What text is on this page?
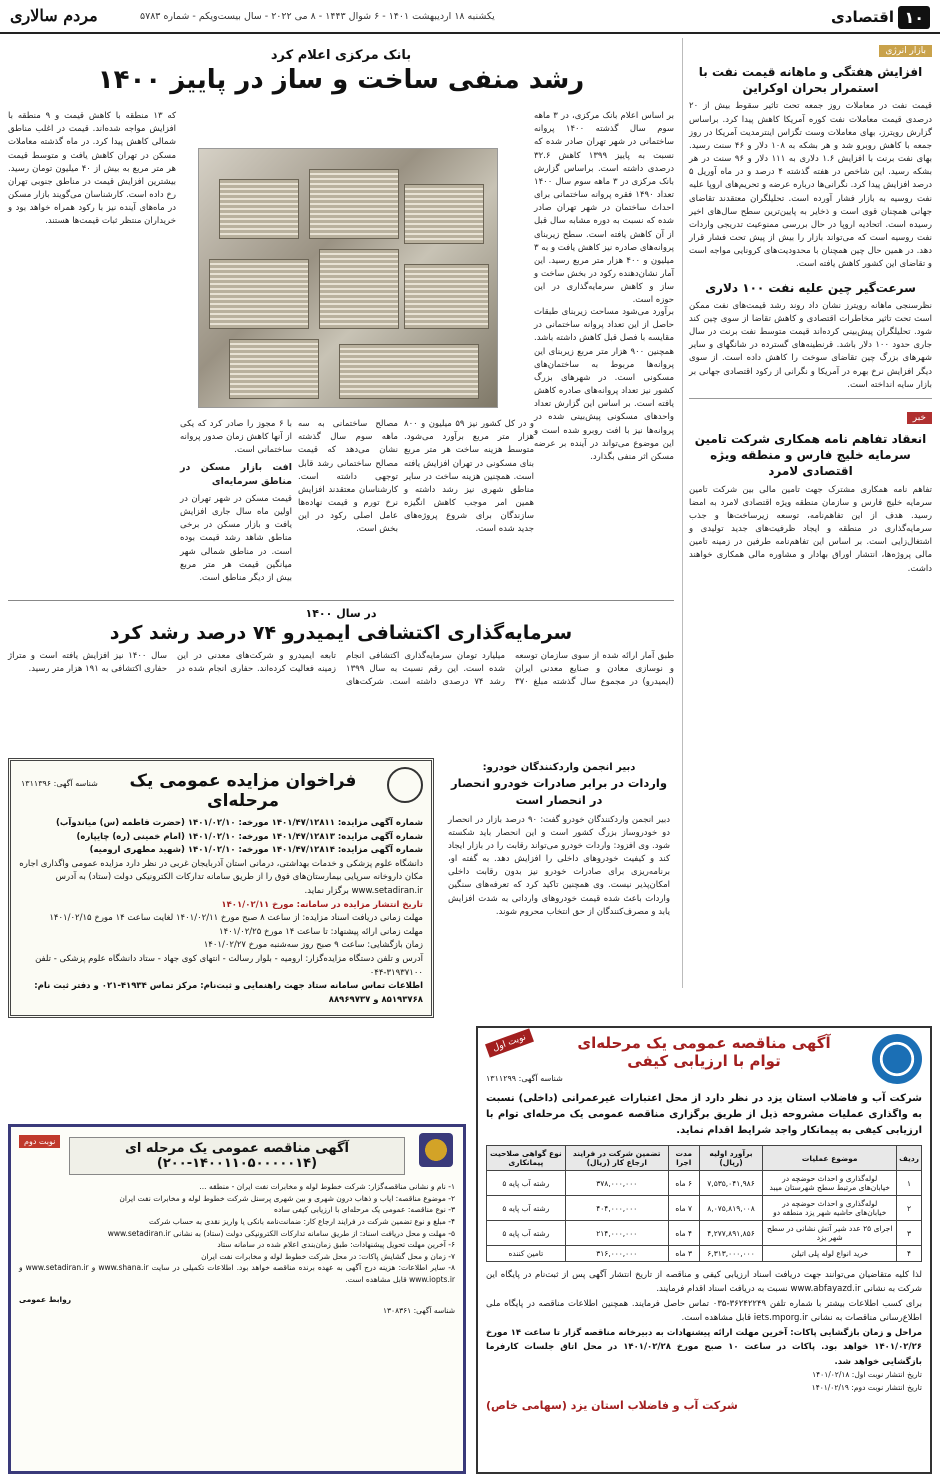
۱۰
اقتصادی
یکشنبه ۱۸ اردیبهشت ۱۴۰۱ - ۶ شوال ۱۴۴۳ - ۸ می ۲۰۲۲ - سال بیست‌ویکم - شماره ۵۷۸۳
مردم سالاری
بازار انرژی
افزایش هفتگی و ماهانه قیمت نفت با استمرار بحران اوکراین
قیمت نفت در معاملات روز جمعه تحت تاثیر سقوط بیش از ۲۰ درصدی قیمت معاملات نفت کوره آمریکا کاهش پیدا کرد. براساس گزارش رویترز، بهای معاملات وست تگزاس اینترمدیت آمریکا در روز جمعه با کاهش روبرو شد و هر بشکه به ۱۰۸ دلار و ۴۶ سنت رسید. بهای نفت برنت با افزایش ۱.۶ دلاری به ۱۱۱ دلار و ۹۶ سنت در هر بشکه رسید. این شاخص در هفته گذشته ۴ درصد و در ماه آوریل ۵ درصد افزایش پیدا کرد. نگرانی‌ها درباره عرضه و تحریم‌های اروپا علیه نفت روسیه به بازار فشار آورده است. تحلیلگران معتقدند تقاضای جهانی همچنان قوی است و ذخایر به پایین‌ترین سطح سال‌های اخیر رسیده است. اتحادیه اروپا در حال بررسی ممنوعیت تدریجی واردات نفت روسیه است که می‌تواند بازار را بیش از پیش تحت فشار قرار دهد. در همین حال چین همچنان با محدودیت‌های کرونایی مواجه است و تقاضای این کشور کاهش یافته است.
سرعت‌گیر چین علیه نفت ۱۰۰ دلاری
نظرسنجی ماهانه رویترز نشان داد روند رشد قیمت‌های نفت ممکن است تحت تاثیر مخاطرات اقتصادی و کاهش تقاضا از سوی چین کند شود. تحلیلگران پیش‌بینی کرده‌اند قیمت متوسط نفت برنت در سال جاری حدود ۱۰۰ دلار باشد. قرنطینه‌های گسترده در شانگهای و سایر شهرهای بزرگ چین تقاضای سوخت را کاهش داده است. از سوی دیگر افزایش نرخ بهره در آمریکا و نگرانی از رکود اقتصادی جهانی بر بازار سایه انداخته است.
خبر
انعقاد تفاهم نامه همکاری شرکت تامین سرمایه خلیج فارس و منطقه ویژه اقتصادی لامرد
تفاهم نامه همکاری مشترک جهت تامین مالی بین شرکت تامین سرمایه خلیج فارس و سازمان منطقه ویژه اقتصادی لامرد به امضا رسید. هدف از این تفاهم‌نامه، توسعه زیرساخت‌ها و جذب سرمایه‌گذاری در منطقه و ایجاد ظرفیت‌های جدید تولیدی و اشتغال‌زایی است. بر اساس این تفاهم‌نامه طرفین در زمینه تامین مالی پروژه‌ها، انتشار اوراق بهادار و مشاوره مالی همکاری خواهند داشت.
بانک مرکزی اعلام کرد
رشد منفی ساخت و ساز در پاییز ۱۴۰۰
بر اساس اعلام بانک مرکزی، در ۳ ماهه سوم سال گذشته ۱۴۰۰ پروانه ساختمانی در شهر تهران صادر شده که نسبت به پاییز ۱۳۹۹ کاهش ۳۲.۶ درصدی داشته است. براساس گزارش بانک مرکزی در ۳ ماهه سوم سال ۱۴۰۰ تعداد ۱۴۹۰ فقره پروانه ساختمانی برای احداث ساختمان در شهر تهران صادر شده که نسبت به دوره مشابه سال قبل از آن کاهش یافته است. سطح زیربنای پروانه‌های صادره نیز کاهش یافت و به ۳ میلیون و ۴۰۰ هزار متر مربع رسید. این آمار نشان‌دهنده رکود در بخش ساخت و ساز و کاهش سرمایه‌گذاری در این حوزه است.
برآورد می‌شود مساحت زیربنای طبقات حاصل از این تعداد پروانه ساختمانی در مقایسه با فصل قبل کاهش داشته باشد. همچنین ۹۰۰ هزار متر مربع زیربنای این پروانه‌ها مربوط به ساختمان‌های مسکونی است. در شهرهای بزرگ کشور نیز تعداد پروانه‌های صادره کاهش یافته است. بر اساس این گزارش تعداد واحدهای مسکونی پیش‌بینی شده در پروانه‌ها نیز با افت روبرو شده است و این موضوع می‌تواند در آینده بر عرضه مسکن اثر منفی بگذارد.
و در کل کشور نیز ۵۹ میلیون و ۸۰۰ هزار متر مربع برآورد می‌شود. متوسط هزینه ساخت هر متر مربع بنای مسکونی در تهران افزایش یافته است. همچنین هزینه ساخت در سایر مناطق شهری نیز رشد داشته و همین امر موجب کاهش انگیزه سازندگان برای شروع پروژه‌های جدید شده است.
مصالح ساختمانی به سه ماهه سوم سال گذشته نشان می‌دهد که قیمت مصالح ساختمانی رشد قابل توجهی داشته است. کارشناسان معتقدند افزایش نرخ تورم و قیمت نهاده‌ها عامل اصلی رکود در این بخش است.
با ۶ مجوز را صادر کرد که یکی از آنها کاهش زمان صدور پروانه ساختمانی است.
افت بازار مسکن در مناطق سرمایه‌ای
قیمت مسکن در شهر تهران در اولین ماه سال جاری افزایش یافت و بازار مسکن در برخی مناطق شاهد رشد قیمت بوده است. در مناطق شمالی شهر میانگین قیمت هر متر مربع بیش از دیگر مناطق است.
که ۱۳ منطقه با کاهش قیمت و ۹ منطقه با افزایش مواجه شده‌اند. قیمت در اغلب مناطق شمالی کاهش پیدا کرد. در ماه گذشته معاملات مسکن در تهران کاهش یافت و متوسط قیمت هر متر مربع به بیش از ۴۰ میلیون تومان رسید. بیشترین افزایش قیمت در مناطق جنوبی تهران رخ داده است. کارشناسان می‌گویند بازار مسکن در ماه‌های آینده نیز با رکود همراه خواهد بود و خریداران منتظر ثبات قیمت‌ها هستند.
در سال ۱۴۰۰
سرمایه‌گذاری اکتشافی ایمیدرو ۷۴ درصد رشد کرد
طبق آمار ارائه شده از سوی سازمان توسعه و نوسازی معادن و صنایع معدنی ایران (ایمیدرو) در مجموع سال گذشته مبلغ ۳۷۰ میلیارد تومان سرمایه‌گذاری اکتشافی انجام شده است. این رقم نسبت به سال ۱۳۹۹ رشد ۷۴ درصدی داشته است. شرکت‌های تابعه ایمیدرو و شرکت‌های معدنی در این زمینه فعالیت کرده‌اند. حفاری انجام شده در سال ۱۴۰۰ نیز افزایش یافته است و متراژ حفاری اکتشافی به ۱۹۱ هزار متر رسید.
شناسه آگهی: ۱۳۱۱۳۹۶	فراخوان مزایده عمومی یک مرحله‌ای
شماره آگهی مزایده: ۱۴۰۱/۴۷/۱۲۸۱۱ مورخه: ۱۴۰۱/۰۲/۱۰ (حضرت فاطمه (س) میاندوآب)
شماره آگهی مزایده: ۱۴۰۱/۴۷/۱۲۸۱۳ مورخه: ۱۴۰۱/۰۲/۱۰ (امام خمینی (ره) چایپاره)
شماره آگهی مزایده: ۱۴۰۱/۴۷/۱۲۸۱۴ مورخه: ۱۴۰۱/۰۲/۱۰ (شهید مطهری ارومیه)
دانشگاه علوم پزشکی و خدمات بهداشتی، درمانی استان آذربایجان غربی در نظر دارد مزایده عمومی واگذاری اجاره مکان داروخانه سرپایی بیمارستان‌های فوق را از طریق سامانه تدارکات الکترونیکی دولت (ستاد) به آدرس www.setadiran.ir برگزار نماید.
تاریخ انتشار مزایده در سامانه: مورخ ۱۴۰۱/۰۲/۱۱
مهلت زمانی دریافت اسناد مزایده: از ساعت ۸ صبح مورخ ۱۴۰۱/۰۲/۱۱ لغایت ساعت ۱۴ مورخ ۱۴۰۱/۰۲/۱۵
مهلت زمانی ارائه پیشنهاد: تا ساعت ۱۴ مورخ ۱۴۰۱/۰۲/۲۵
زمان بازگشایی: ساعت ۹ صبح روز سه‌شنبه مورخ ۱۴۰۱/۰۲/۲۷
آدرس و تلفن دستگاه مزایده‌گزار: ارومیه - بلوار رسالت - انتهای کوی جهاد - ستاد دانشگاه علوم پزشکی - تلفن ۳۱۹۳۷۱۰۰-۰۴۴
اطلاعات تماس سامانه ستاد جهت راهنمایی و ثبت‌نام: مرکز تماس ۴۱۹۳۴-۰۲۱ و دفتر ثبت نام: ۸۵۱۹۳۷۶۸ و ۸۸۹۶۹۷۳۷
دبیر انجمن واردکنندگان خودرو:
واردات در برابر صادرات خودرو انحصار در انحصار است
دبیر انجمن واردکنندگان خودرو گفت: ۹۰ درصد بازار در انحصار دو خودروساز بزرگ کشور است و این انحصار باید شکسته شود. وی افزود: واردات خودرو می‌تواند رقابت را در بازار ایجاد کند و کیفیت خودروهای داخلی را افزایش دهد. به گفته او، برنامه‌ریزی برای صادرات خودرو نیز بدون رقابت داخلی امکان‌پذیر نیست. وی همچنین تاکید کرد که تعرفه‌های سنگین واردات باعث شده قیمت خودروهای وارداتی به شدت افزایش یابد و مصرف‌کنندگان از حق انتخاب محروم شوند.
نوبت اول	آگهی مناقصه عمومی یک مرحله‌ای
توام با ارزیابی کیفی
شناسه آگهی: ۱۳۱۱۲۹۹
شرکت آب و فاضلاب استان یزد در نظر دارد از محل اعتبارات غیرعمرانی (داخلی) نسبت به واگذاری عملیات مشروحه ذیل از طریق برگزاری مناقصه عمومی یک مرحله‌ای توام با ارزیابی کیفی به پیمانکار واجد شرایط اقدام نماید.
ردیف	موضوع عملیات	برآورد اولیه (ریال)	مدت اجرا	تضمین شرکت در فرایند ارجاع کار (ریال)	نوع گواهی صلاحیت پیمانکاری
۱	لوله‌گذاری و احداث حوضچه در خیابان‌های مرتبط سطح شهرستان میبد	۷,۵۳۵,۰۴۱,۹۸۶	۶ ماه	۳۷۸,۰۰۰,۰۰۰	رشته آب پایه ۵
۲	لوله‌گذاری و احداث حوضچه در خیابان‌های حاشیه شهر یزد منطقه دو	۸,۰۷۵,۸۱۹,۰۰۸	۷ ماه	۴۰۴,۰۰۰,۰۰۰	رشته آب پایه ۵
۳	اجرای ۲۵ عدد شیر آتش نشانی در سطح شهر یزد	۴,۲۷۷,۸۹۱,۸۵۶	۴ ماه	۲۱۴,۰۰۰,۰۰۰	رشته آب پایه ۵
۴	خرید انواع لوله پلی اتیلن	۶,۳۱۳,۰۰۰,۰۰۰	۳ ماه	۳۱۶,۰۰۰,۰۰۰	تامین کننده
لذا کلیه متقاضیان می‌توانند جهت دریافت اسناد ارزیابی کیفی و مناقصه از تاریخ انتشار آگهی پس از ثبت‌نام در پایگاه این شرکت به نشانی www.abfayazd.ir نسبت به دریافت اسناد اقدام فرمایند.
برای کسب اطلاعات بیشتر با شماره تلفن ۳۶۲۴۲۲۴۹-۰۳۵ تماس حاصل فرمایند. همچنین اطلاعات مناقصه در پایگاه ملی اطلاع‌رسانی مناقصات به نشانی iets.mporg.ir قابل مشاهده است.
مراحل و زمان بازگشایی پاکات: آخرین مهلت ارائه پیشنهادات به دبیرخانه مناقصه گزار تا ساعت ۱۴ مورخ ۱۴۰۱/۰۲/۲۶ خواهد بود. پاکات در ساعت ۱۰ صبح مورخ ۱۴۰۱/۰۲/۲۸ در محل اتاق جلسات کارفرما بازگشایی خواهد شد.
تاریخ انتشار نوبت اول: ۱۴۰۱/۰۲/۱۸
تاریخ انتشار نوبت دوم: ۱۴۰۱/۰۲/۱۹
شرکت آب و فاضلاب استان یزد (سهامی خاص)
نوبت دوم	آگهی مناقصه عمومی یک مرحله ای (۱۴۰۰۱۱۰۵۰۰۰۰۰۱۴-۲۰۰)
۱- نام و نشانی مناقصه‌گزار: شرکت خطوط لوله و مخابرات نفت ایران - منطقه ...
۲- موضوع مناقصه: ایاب و ذهاب درون شهری و بین شهری پرسنل شرکت خطوط لوله و مخابرات نفت ایران
۳- نوع مناقصه: عمومی یک مرحله‌ای با ارزیابی کیفی ساده
۴- مبلغ و نوع تضمین شرکت در فرایند ارجاع کار: ضمانت‌نامه بانکی یا واریز نقدی به حساب شرکت
۵- مهلت و محل دریافت اسناد: از طریق سامانه تدارکات الکترونیکی دولت (ستاد) به نشانی www.setadiran.ir
۶- آخرین مهلت تحویل پیشنهادات: طبق زمان‌بندی اعلام شده در سامانه ستاد
۷- زمان و محل گشایش پاکات: در محل شرکت خطوط لوله و مخابرات نفت ایران
۸- سایر اطلاعات: هزینه درج آگهی به عهده برنده مناقصه خواهد بود. اطلاعات تکمیلی در سایت www.shana.ir و www.setadiran.ir و www.iopts.ir قابل مشاهده است.
روابط عمومی
شناسه آگهی: ۱۳۰۸۳۶۱
